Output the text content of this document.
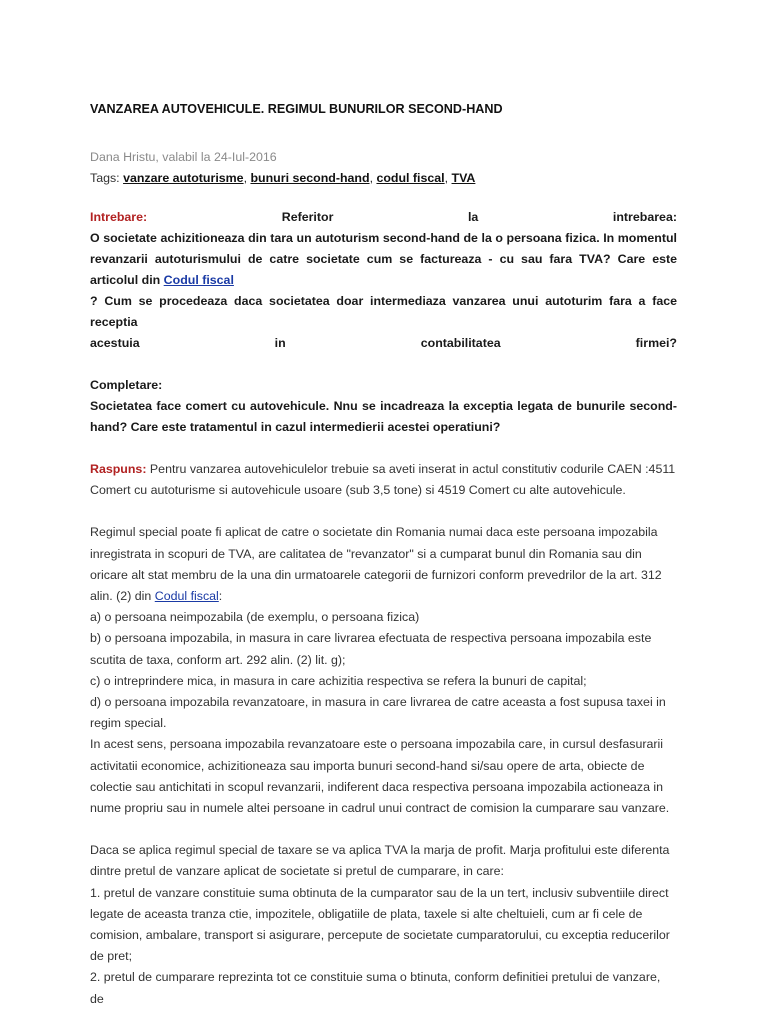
VANZAREA AUTOVEHICULE. REGIMUL BUNURILOR SECOND-HAND
Dana Hristu, valabil la 24-Iul-2016
Tags: vanzare autoturisme, bunuri second-hand, codul fiscal, TVA
Intrebare:	Referitor	la	intrebarea:
O societate achizitioneaza din tara un autoturism second-hand de la o persoana fizica. In momentul revanzarii autoturismului de catre societate cum se factureaza - cu sau fara TVA? Care este articolul din Codul fiscal
? Cum se procedeaza daca societatea doar intermediaza vanzarea unui autoturim fara a face receptia
acestuia	in	contabilitatea	firmei?
Completare:
Societatea face comert cu autovehicule. Nnu se incadreaza la exceptia legata de bunurile second-hand? Care este tratamentul in cazul intermedierii acestei operatiuni?
Raspuns: Pentru vanzarea autovehiculelor trebuie sa aveti inserat in actul constitutiv codurile CAEN :4511 Comert cu autoturisme si autovehicule usoare (sub 3,5 tone) si 4519 Comert cu alte autovehicule.
Regimul special poate fi aplicat de catre o societate din Romania numai daca este persoana impozabila inregistrata in scopuri de TVA, are calitatea de "revanzator" si a cumparat bunul din Romania sau din oricare alt stat membru de la una din urmatoarele categorii de furnizori conform prevedrilor de la art. 312 alin. (2) din Codul fiscal:
a) o persoana neimpozabila (de exemplu, o persoana fizica)
b) o persoana impozabila, in masura in care livrarea efectuata de respectiva persoana impozabila este scutita de taxa, conform art. 292 alin. (2) lit. g);
c) o intreprindere mica, in masura in care achizitia respectiva se refera la bunuri de capital;
d) o persoana impozabila revanzatoare, in masura in care livrarea de catre aceasta a fost supusa taxei in regim special.
In acest sens, persoana impozabila revanzatoare este o persoana impozabila care, in cursul desfasurarii activitatii economice, achizitioneaza sau importa bunuri second-hand si/sau opere de arta, obiecte de colectie sau antichitati in scopul revanzarii, indiferent daca respectiva persoana impozabila actioneaza in nume propriu sau in numele altei persoane in cadrul unui contract de comision la cumparare sau vanzare.
Daca se aplica regimul special de taxare se va aplica TVA la marja de profit. Marja profitului este diferenta dintre pretul de vanzare aplicat de societate si pretul de cumparare, in care:
1. pretul de vanzare constituie suma obtinuta de la cumparator sau de la un tert, inclusiv subventiile direct legate de aceasta tranza ctie, impozitele, obligatiile de plata, taxele si alte cheltuieli, cum ar fi cele de comision, ambalare, transport si asigurare, percepute de societate cumparatorului, cu exceptia reducerilor de pret;
2. pretul de cumparare reprezinta tot ce constituie suma o btinuta, conform definitiei pretului de vanzare, de
